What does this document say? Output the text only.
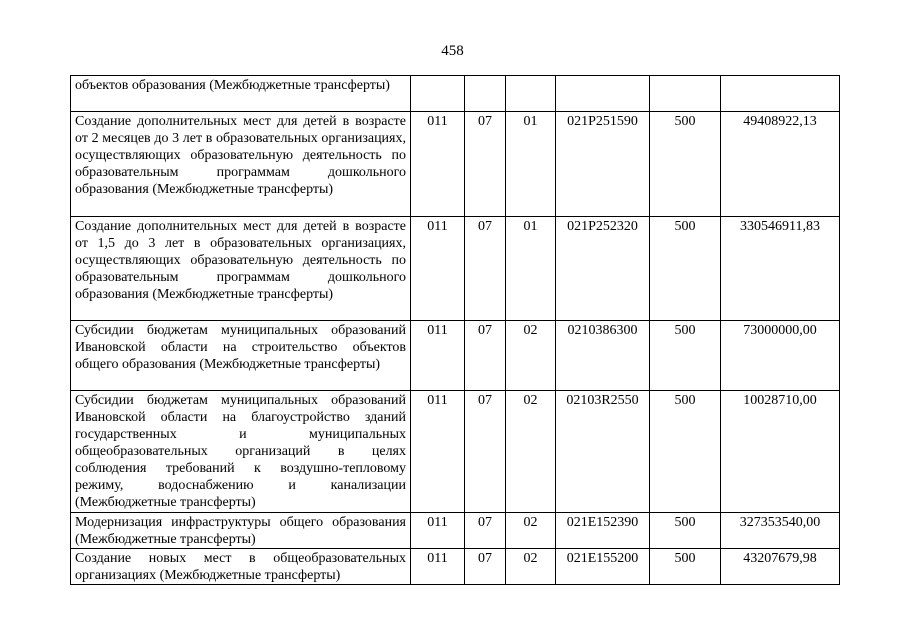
458
объектов образования (Межбюджетные трансферты)						
Создание дополнительных мест для детей в возрасте от 2 месяцев до 3 лет в образовательных организациях, осуществляющих образовательную деятельность по образовательным программам дошкольного образования (Межбюджетные трансферты)	011	07	01	021P251590	500	49408922,13
Создание дополнительных мест для детей в возрасте от 1,5 до 3 лет в образовательных организациях, осуществляющих образовательную деятельность по образовательным программам дошкольного образования (Межбюджетные трансферты)	011	07	01	021P252320	500	330546911,83
Субсидии бюджетам муниципальных образований Ивановской области на строительство объектов общего образования (Межбюджетные трансферты)	011	07	02	0210386300	500	73000000,00
Субсидии бюджетам муниципальных образований Ивановской области на благоустройство зданий государственных и муниципальных общеобразовательных организаций в целях соблюдения требований к воздушно-тепловому режиму, водоснабжению и канализации (Межбюджетные трансферты)	011	07	02	02103R2550	500	10028710,00
Модернизация инфраструктуры общего образования (Межбюджетные трансферты)	011	07	02	021E152390	500	327353540,00
Создание новых мест в общеобразовательных организациях (Межбюджетные трансферты)	011	07	02	021E155200	500	43207679,98
